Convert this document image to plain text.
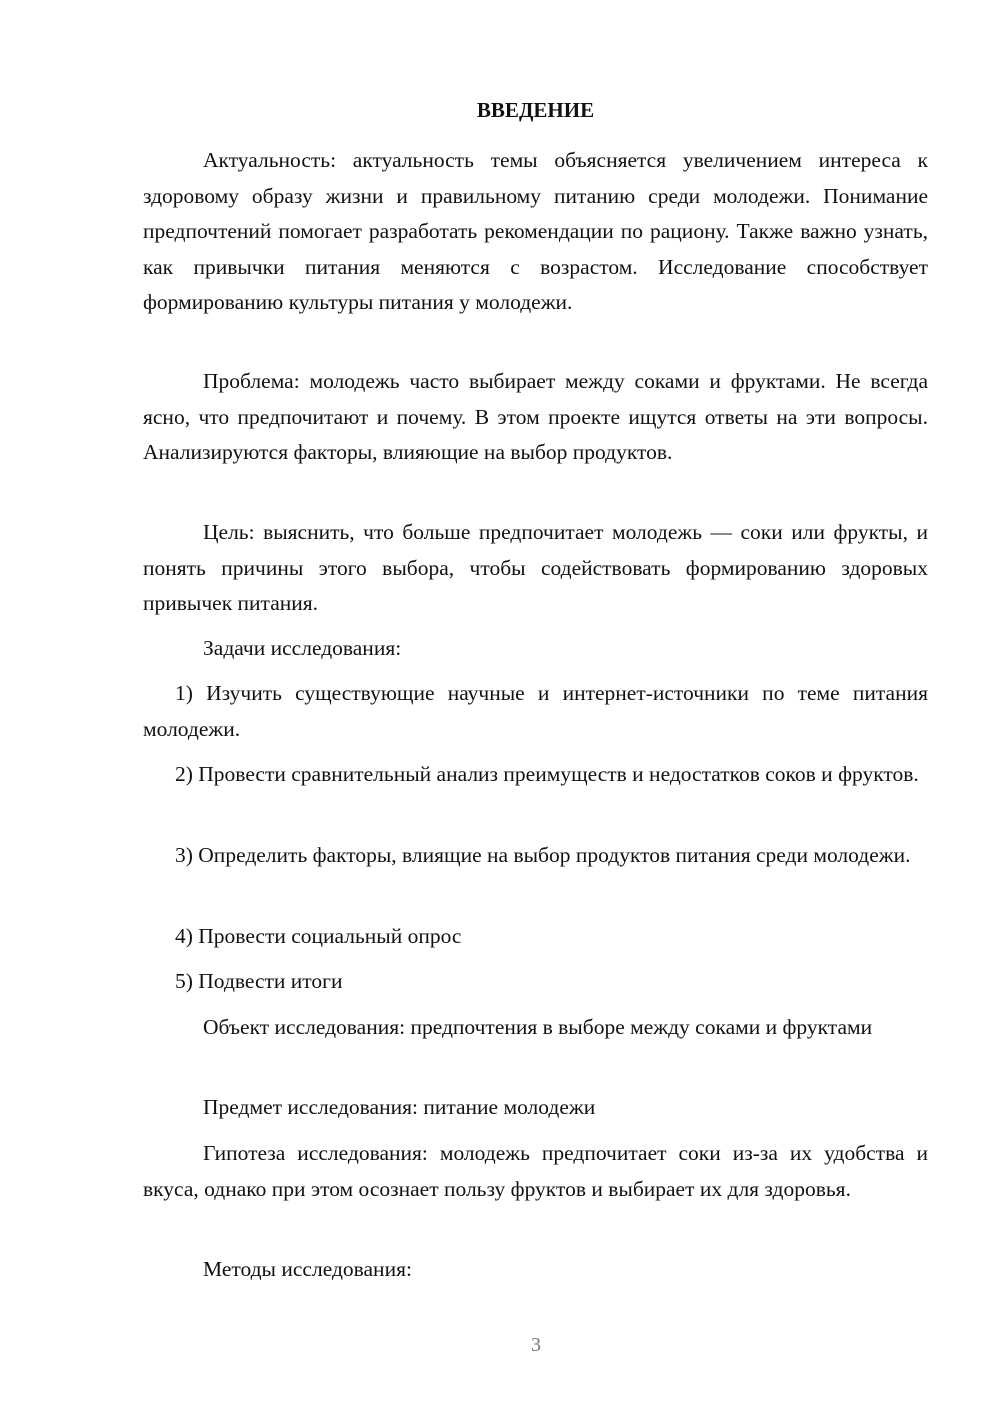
ВВЕДЕНИЕ

Актуальность: актуальность темы объясняется увеличением интереса к здоровому образу жизни и правильному питанию среди молодежи. Понимание предпочтений помогает разработать рекомендации по рациону. Также важно узнать, как привычки питания меняются с возрастом. Исследование способствует формированию культуры питания у молодежи.

Проблема: молодежь часто выбирает между соками и фруктами. Не всегда ясно, что предпочитают и почему. В этом проекте ищутся ответы на эти вопросы. Анализируются факторы, влияющие на выбор продуктов.

Цель: выяснить, что больше предпочитает молодежь — соки или фрукты, и понять причины этого выбора, чтобы содействовать формированию здоровых привычек питания.

Задачи исследования:

1) Изучить существующие научные и интернет-источники по теме питания молодежи.

2) Провести сравнительный анализ преимуществ и недостатков соков и фруктов.

3) Определить факторы, влиящие на выбор продуктов питания среди молодежи.

4) Провести социальный опрос

5) Подвести итоги

Объект исследования: предпочтения в выборе между соками и фруктами

Предмет исследования: питание молодежи

Гипотеза исследования: молодежь предпочитает соки из-за их удобства и вкуса, однако при этом осознает пользу фруктов и выбирает их для здоровья.

Методы исследования:

3
